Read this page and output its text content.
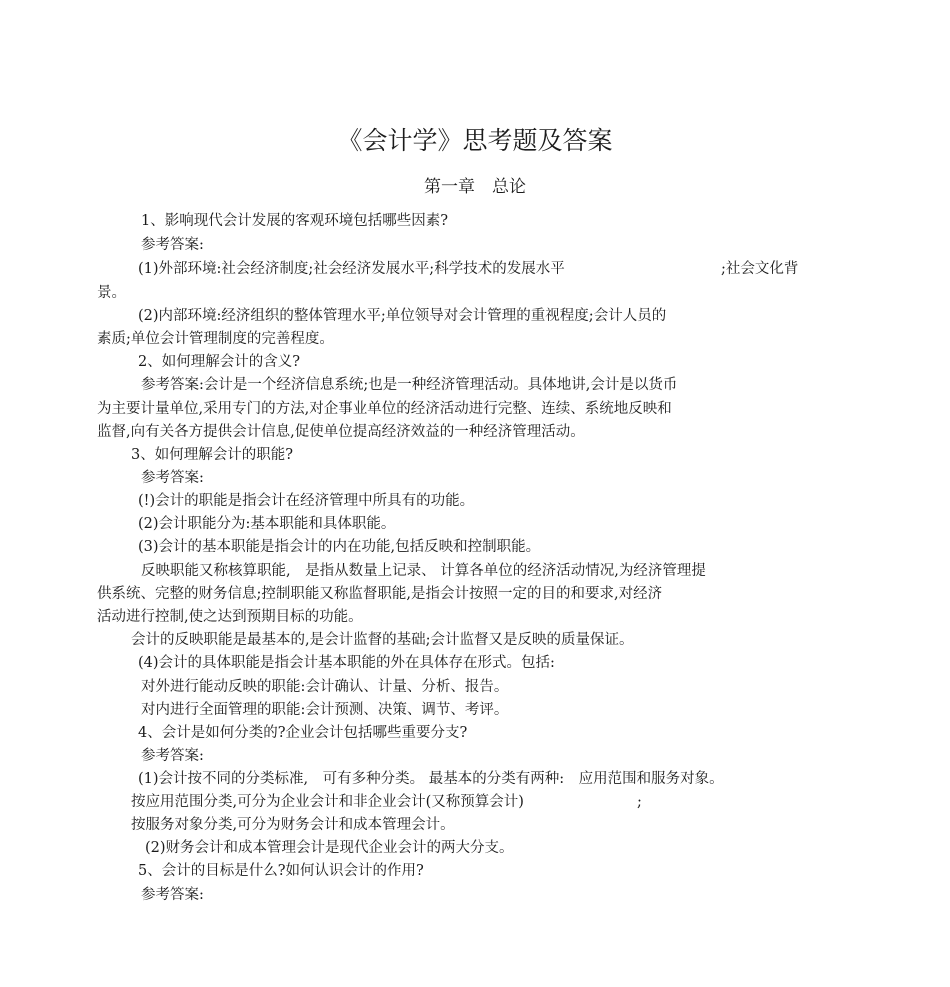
《会计学》思考题及答案
第一章　总论
1、影响现代会计发展的客观环境包括哪些因素?
参考答案:
(1)外部环境:社会经济制度;社会经济发展水平;科学技术的发展水平	;社会文化背
景。
(2)内部环境:经济组织的整体管理水平;单位领导对会计管理的重视程度;会计人员的
素质;单位会计管理制度的完善程度。
2、如何理解会计的含义?
参考答案:会计是一个经济信息系统;也是一种经济管理活动。具体地讲,会计是以货币
为主要计量单位,采用专门的方法,对企事业单位的经济活动进行完整、连续、系统地反映和
监督,向有关各方提供会计信息,促使单位提高经济效益的一种经济管理活动。
3、如何理解会计的职能?
参考答案:
(!)会计的职能是指会计在经济管理中所具有的功能。
(2)会计职能分为:基本职能和具体职能。
(3)会计的基本职能是指会计的内在功能,包括反映和控制职能。
反映职能又称核算职能,　是指从数量上记录、 计算各单位的经济活动情况,为经济管理提
供系统、完整的财务信息;控制职能又称监督职能,是指会计按照一定的目的和要求,对经济
活动进行控制,使之达到预期目标的功能。
会计的反映职能是最基本的,是会计监督的基础;会计监督又是反映的质量保证。
(4)会计的具体职能是指会计基本职能的外在具体存在形式。包括:
对外进行能动反映的职能:会计确认、计量、分析、报告。
对内进行全面管理的职能:会计预测、决策、调节、考评。
4、会计是如何分类的?企业会计包括哪些重要分支?
参考答案:
(1)会计按不同的分类标准,　可有多种分类。 最基本的分类有两种:　应用范围和服务对象。
按应用范围分类,可分为企业会计和非企业会计(又称预算会计)	;
按服务对象分类,可分为财务会计和成本管理会计。
(2)财务会计和成本管理会计是现代企业会计的两大分支。
5、会计的目标是什么?如何认识会计的作用?
参考答案:
